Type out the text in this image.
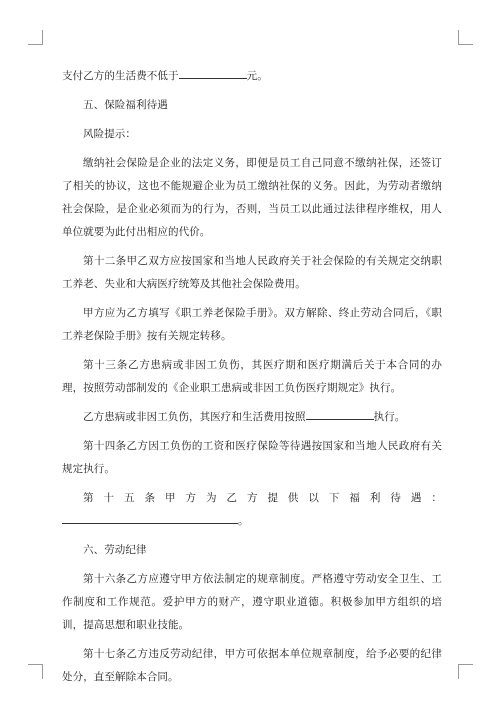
支付乙方的生活费不低于	元。

五、保险福利待遇

风险提示：

缴纳社会保险是企业的法定义务，即便是员工自己同意不缴纳社保，还签订了相关的协议，这也不能规避企业为员工缴纳社保的义务。因此，为劳动者缴纳社会保险，是企业必须而为的行为，否则，当员工以此通过法律程序维权，用人单位就要为此付出相应的代价。

第十二条甲乙双方应按国家和当地人民政府关于社会保险的有关规定交纳职工养老、失业和大病医疗统筹及其他社会保险费用。

甲方应为乙方填写《职工养老保险手册》。双方解除、终止劳动合同后，《职工养老保险手册》按有关规定转移。

第十三条乙方患病或非因工负伤，其医疗期和医疗期满后关于本合同的办理，按照劳动部制发的《企业职工患病或非因工负伤医疗期规定》执行。

乙方患病或非因工负伤，其医疗和生活费用按照	执行。

第十四条乙方因工负伤的工资和医疗保险等待遇按国家和当地人民政府有关规定执行。

第十五条甲方为乙方提供以下福利待遇：。

六、劳动纪律

第十六条乙方应遵守甲方依法制定的规章制度。严格遵守劳动安全卫生、工作制度和工作规范。爱护甲方的财产，遵守职业道德。积极参加甲方组织的培训，提高思想和职业技能。

第十七条乙方违反劳动纪律，甲方可依据本单位规章制度，给予必要的纪律处分，直至解除本合同。
